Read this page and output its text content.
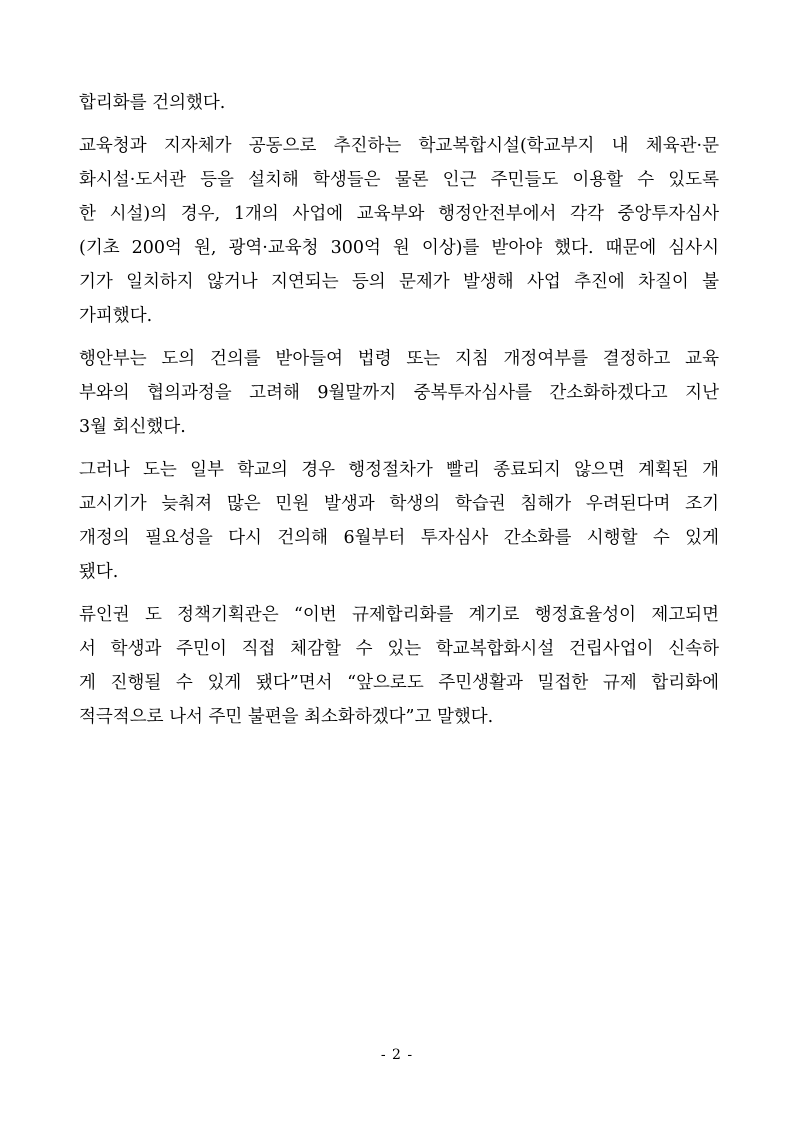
합리화를 건의했다.
교육청과 지자체가 공동으로 추진하는 학교복합시설(학교부지 내 체육관·문
화시설·도서관 등을 설치해 학생들은 물론 인근 주민들도 이용할 수 있도록
한 시설)의 경우, 1개의 사업에 교육부와 행정안전부에서 각각 중앙투자심사
(기초 200억 원, 광역·교육청 300억 원 이상)를 받아야 했다. 때문에 심사시
기가 일치하지 않거나 지연되는 등의 문제가 발생해 사업 추진에 차질이 불
가피했다.
행안부는 도의 건의를 받아들여 법령 또는 지침 개정여부를 결정하고 교육
부와의 협의과정을 고려해 9월말까지 중복투자심사를 간소화하겠다고 지난
3월 회신했다.
그러나 도는 일부 학교의 경우 행정절차가 빨리 종료되지 않으면 계획된 개
교시기가 늦춰져 많은 민원 발생과 학생의 학습권 침해가 우려된다며 조기
개정의 필요성을 다시 건의해 6월부터 투자심사 간소화를 시행할 수 있게
됐다.
류인권 도 정책기획관은 “이번 규제합리화를 계기로 행정효율성이 제고되면
서 학생과 주민이 직접 체감할 수 있는 학교복합화시설 건립사업이 신속하
게 진행될 수 있게 됐다”면서 “앞으로도 주민생활과 밀접한 규제 합리화에
적극적으로 나서 주민 불편을 최소화하겠다”고 말했다.
- 2 -
